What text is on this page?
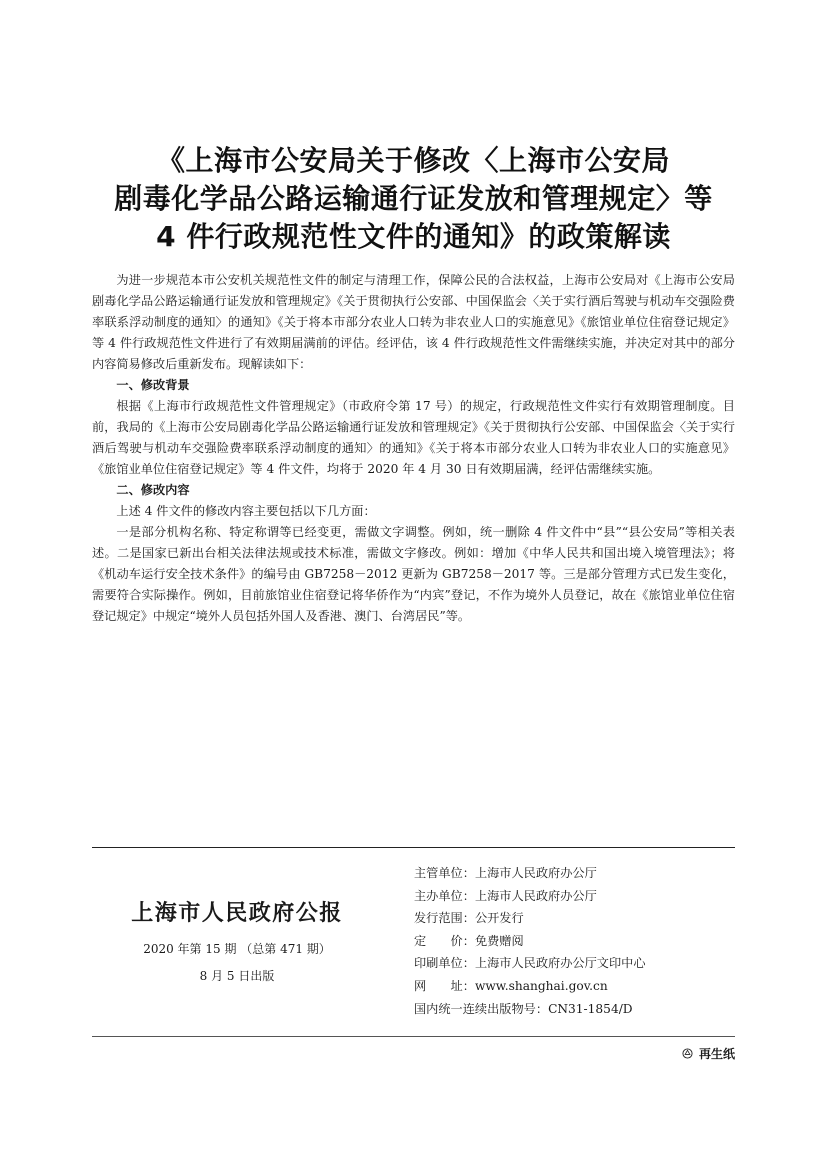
《上海市公安局关于修改〈上海市公安局
剧毒化学品公路运输通行证发放和管理规定〉等
4 件行政规范性文件的通知》的政策解读

为进一步规范本市公安机关规范性文件的制定与清理工作，保障公民的合法权益，上海市公安局对《上海市公安局剧毒化学品公路运输通行证发放和管理规定》《关于贯彻执行公安部、中国保监会〈关于实行酒后驾驶与机动车交强险费率联系浮动制度的通知〉的通知》《关于将本市部分农业人口转为非农业人口的实施意见》《旅馆业单位住宿登记规定》等 4 件行政规范性文件进行了有效期届满前的评估。经评估，该 4 件行政规范性文件需继续实施，并决定对其中的部分内容简易修改后重新发布。现解读如下：

一、修改背景

根据《上海市行政规范性文件管理规定》（市政府令第 17 号）的规定，行政规范性文件实行有效期管理制度。目前，我局的《上海市公安局剧毒化学品公路运输通行证发放和管理规定》《关于贯彻执行公安部、中国保监会〈关于实行酒后驾驶与机动车交强险费率联系浮动制度的通知〉的通知》《关于将本市部分农业人口转为非农业人口的实施意见》《旅馆业单位住宿登记规定》等 4 件文件，均将于 2020 年 4 月 30 日有效期届满，经评估需继续实施。

二、修改内容

上述 4 件文件的修改内容主要包括以下几方面：

一是部分机构名称、特定称谓等已经变更，需做文字调整。例如，统一删除 4 件文件中“县”“县公安局”等相关表述。二是国家已新出台相关法律法规或技术标准，需做文字修改。例如：增加《中华人民共和国出境入境管理法》；将《机动车运行安全技术条件》的编号由 GB7258－2012 更新为 GB7258－2017 等。三是部分管理方式已发生变化，需要符合实际操作。例如，目前旅馆业住宿登记将华侨作为“内宾”登记，不作为境外人员登记，故在《旅馆业单位住宿登记规定》中规定“境外人员包括外国人及香港、澳门、台湾居民”等。

上海市人民政府公报
2020 年第 15 期 （总第 471 期）
8 月 5 日出版
主管单位：上海市人民政府办公厅
主办单位：上海市人民政府办公厅
发行范围：公开发行
定　　价：免费赠阅
印刷单位：上海市人民政府办公厅文印中心
网　　址：www.shanghai.gov.cn
国内统一连续出版物号：CN31-1854/D
再生纸
